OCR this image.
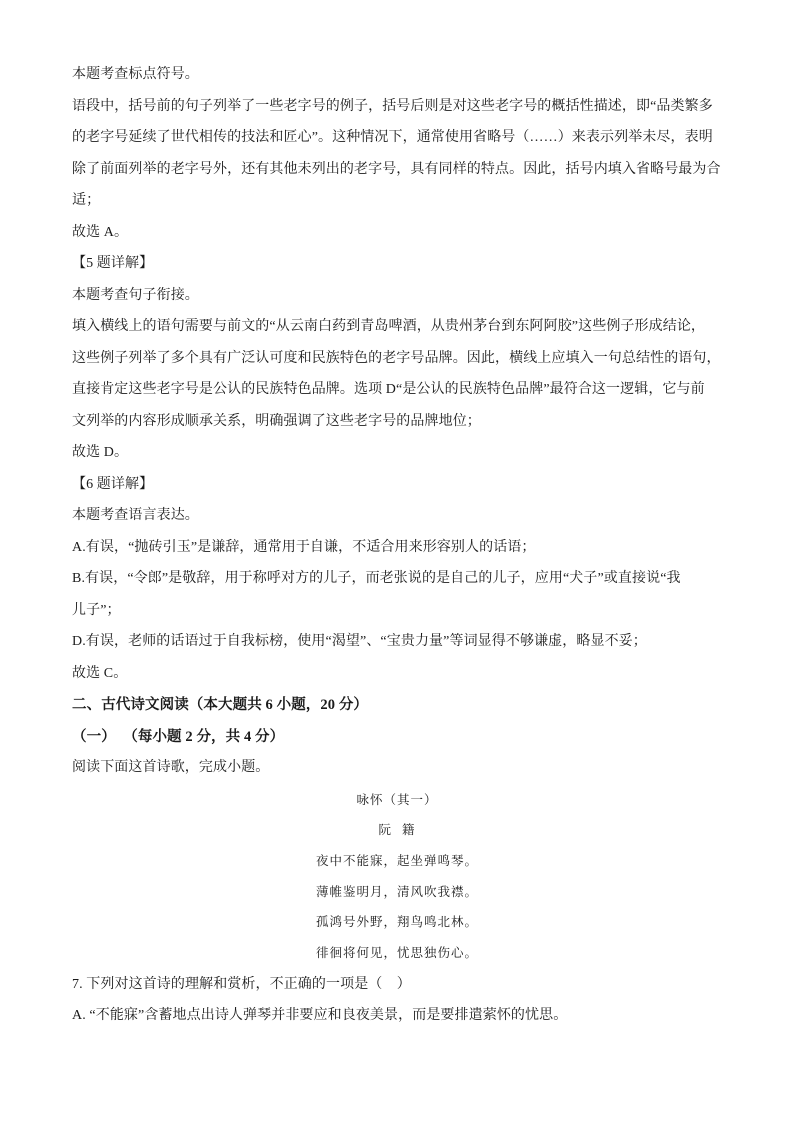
本题考查标点符号。
语段中，括号前的句子列举了一些老字号的例子，括号后则是对这些老字号的概括性描述，即“品类繁多
的老字号延续了世代相传的技法和匠心”。这种情况下，通常使用省略号（……）来表示列举未尽，表明
除了前面列举的老字号外，还有其他未列出的老字号，具有同样的特点。因此，括号内填入省略号最为合
适；
故选 A。
【5 题详解】
本题考查句子衔接。
填入横线上的语句需要与前文的“从云南白药到青岛啤酒，从贵州茅台到东阿阿胶”这些例子形成结论，
这些例子列举了多个具有广泛认可度和民族特色的老字号品牌。因此，横线上应填入一句总结性的语句，
直接肯定这些老字号是公认的民族特色品牌。选项 D“是公认的民族特色品牌”最符合这一逻辑，它与前
文列举的内容形成顺承关系，明确强调了这些老字号的品牌地位；
故选 D。
【6 题详解】
本题考查语言表达。
A.有误，“抛砖引玉”是谦辞，通常用于自谦，不适合用来形容别人的话语；
B.有误，“令郎”是敬辞，用于称呼对方的儿子，而老张说的是自己的儿子，应用“犬子”或直接说“我
儿子”；
D.有误，老师的话语过于自我标榜，使用“渴望”、“宝贵力量”等词显得不够谦虚，略显不妥；
故选 C。
二、古代诗文阅读（本大题共 6 小题，20 分）
（一）  （每小题 2 分，共 4 分）
阅读下面这首诗歌，完成小题。
咏怀（其一）
阮  籍
夜中不能寐，起坐弹鸣琴。
薄帷鉴明月，清风吹我襟。
孤鸿号外野，翔鸟鸣北林。
徘徊将何见，忧思独伤心。
7. 下列对这首诗的理解和赏析，不正确的一项是（    ）
A. “不能寐”含蓄地点出诗人弹琴并非要应和良夜美景，而是要排遣萦怀的忧思。
